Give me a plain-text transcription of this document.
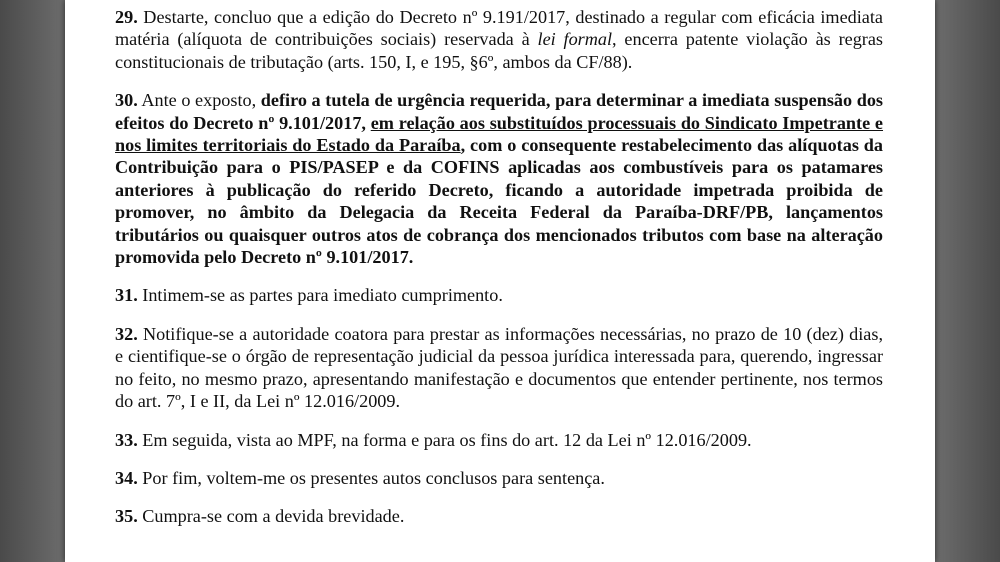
29. Destarte, concluo que a edição do Decreto nº 9.191/2017, destinado a regular com eficácia imediata matéria (alíquota de contribuições sociais) reservada à lei formal, encerra patente violação às regras constitucionais de tributação (arts. 150, I, e 195, §6º, ambos da CF/88).

30. Ante o exposto, defiro a tutela de urgência requerida, para determinar a imediata suspensão dos efeitos do Decreto nº 9.101/2017, em relação aos substituídos processuais do Sindicato Impetrante e nos limites territoriais do Estado da Paraíba, com o consequente restabelecimento das alíquotas da Contribuição para o PIS/PASEP e da COFINS aplicadas aos combustíveis para os patamares anteriores à publicação do referido Decreto, ficando a autoridade impetrada proibida de promover, no âmbito da Delegacia da Receita Federal da Paraíba-DRF/PB, lançamentos tributários ou quaisquer outros atos de cobrança dos mencionados tributos com base na alteração promovida pelo Decreto nº 9.101/2017.

31. Intimem-se as partes para imediato cumprimento.

32. Notifique-se a autoridade coatora para prestar as informações necessárias, no prazo de 10 (dez) dias, e cientifique-se o órgão de representação judicial da pessoa jurídica interessada para, querendo, ingressar no feito, no mesmo prazo, apresentando manifestação e documentos que entender pertinente, nos termos do art. 7º, I e II, da Lei nº 12.016/2009.

33. Em seguida, vista ao MPF, na forma e para os fins do art. 12 da Lei nº 12.016/2009.

34. Por fim, voltem-me os presentes autos conclusos para sentença.

35. Cumpra-se com a devida brevidade.
